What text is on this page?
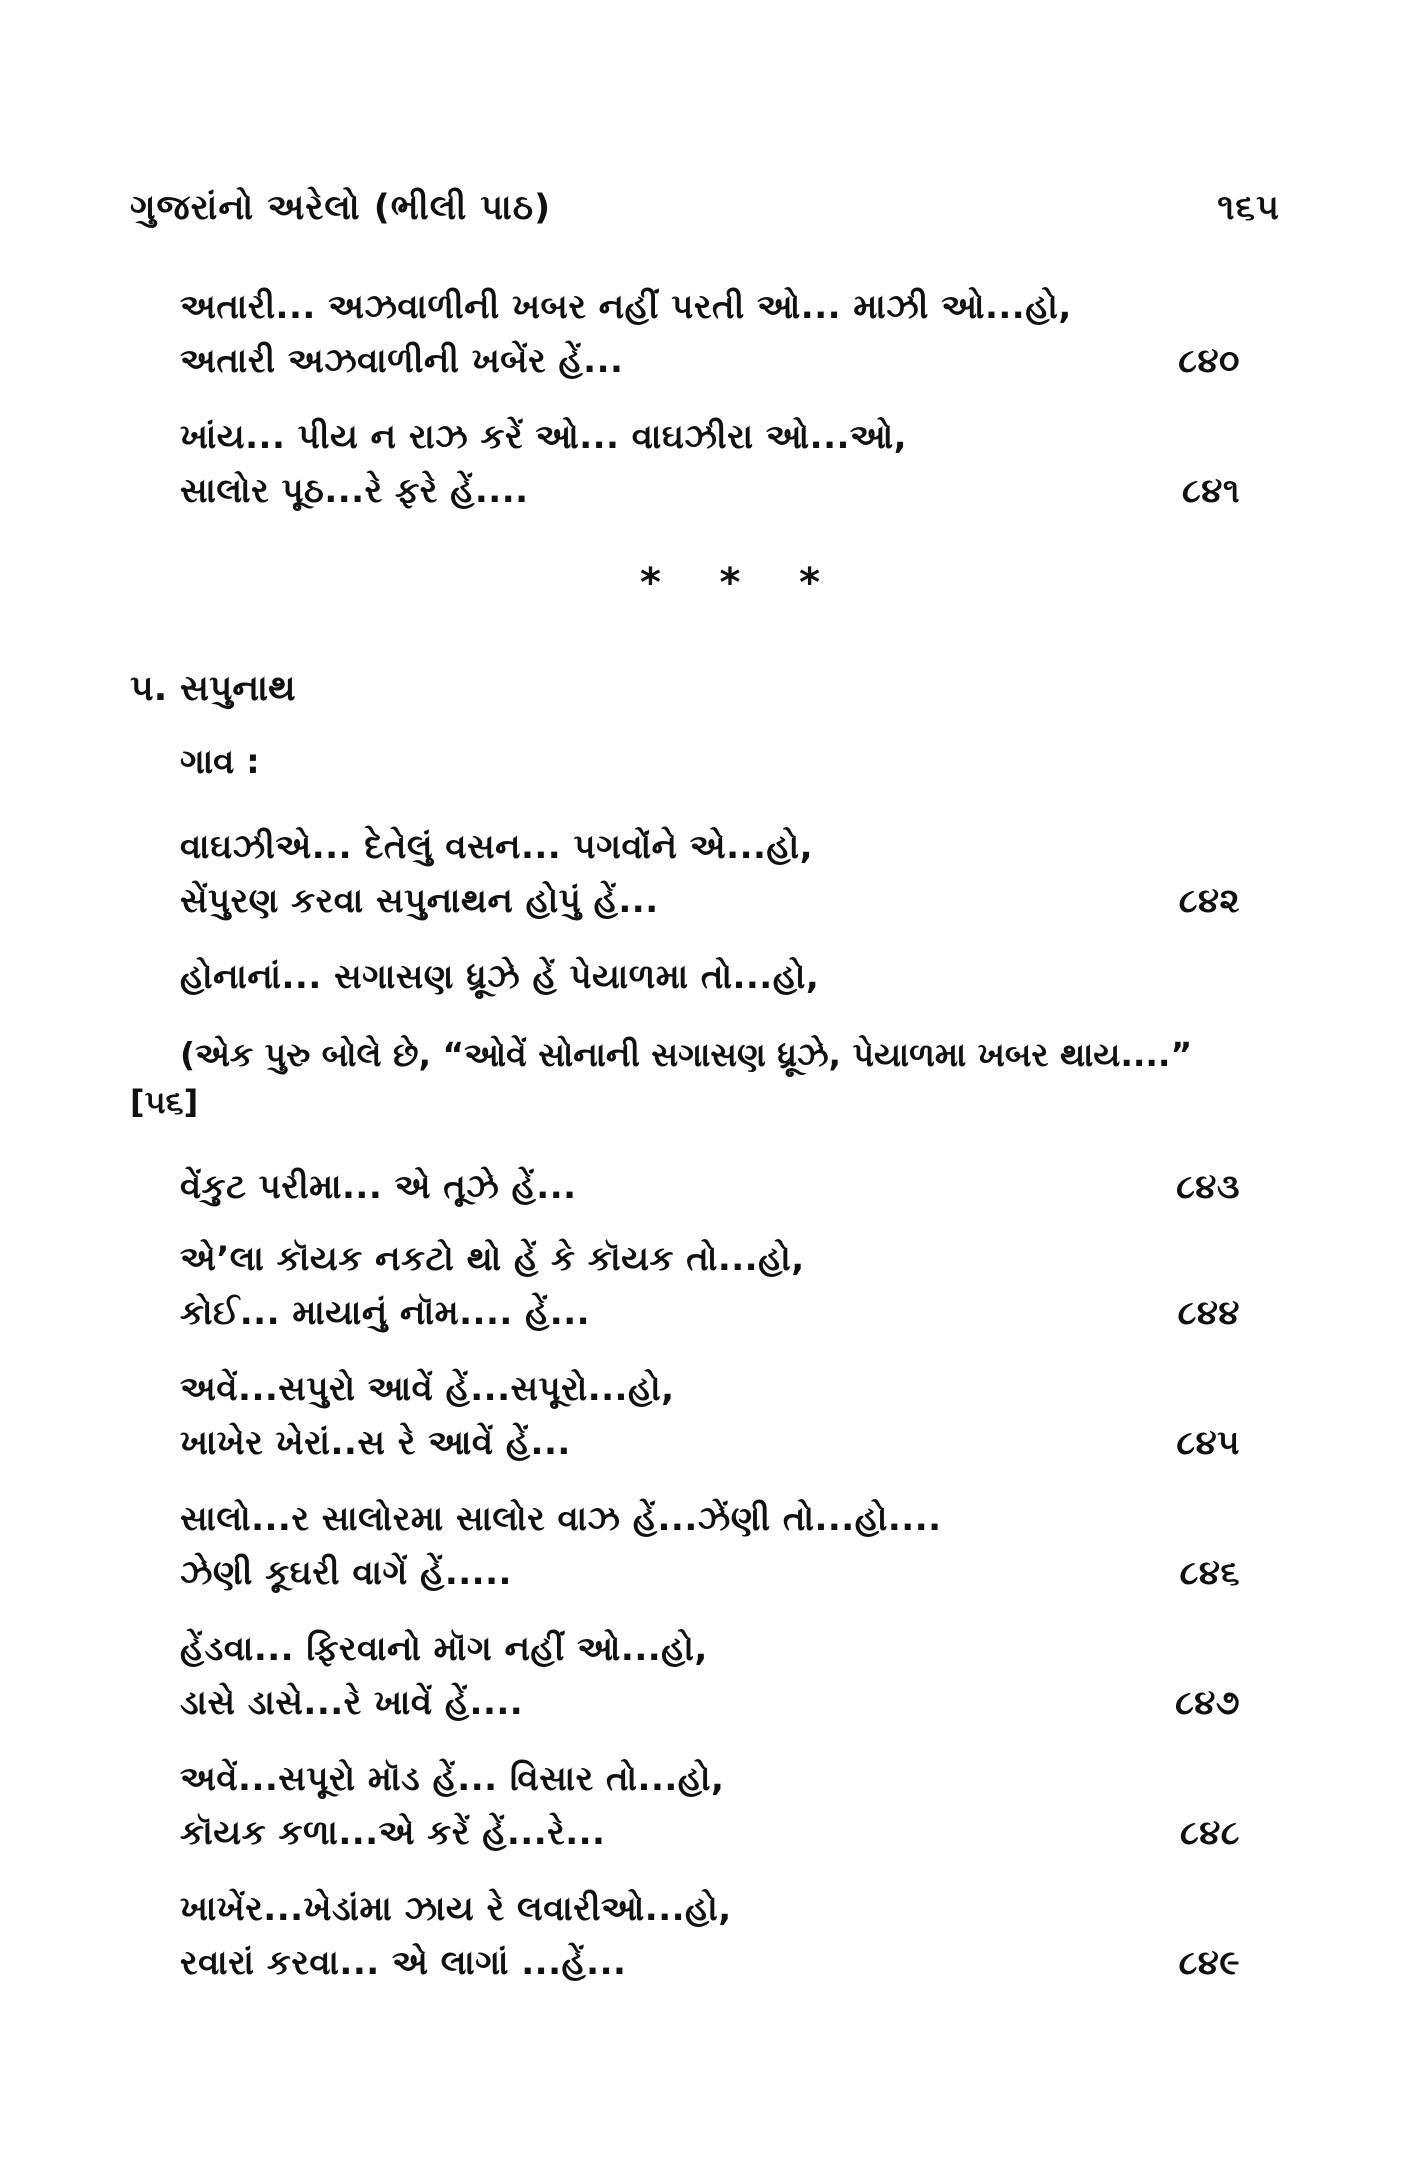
ગુજરાંનો અરેલો (ભીલી પાઠ)	૧૬૫
અતારી... અઝવાળીની ખબર નહીં પરતી ઓ... માઝી ઓ...હો,
અતારી અઝવાળીની ખબેંર હેં...	૮૪૦
ખાંય... પીય ન રાઝ કરેં ઓ... વાઘઝીરા ઓ...ઓ,
સાલોર પૂઠ...રે ફરે હેં....	૮૪૧
* * *
૫. સપુનાથ
ગાવ :
વાઘઝીએ... દેતેલું વસન... પગવોંને એ...હો,
સેંપુરણ કરવા સપુનાથન હોપું હેં...	૮૪૨
હોનાનાં... સગાસણ ધ્રૂઝે હેં પેયાળમા તો...હો,
(એક પુરુ બોલે છે, “ઓવેં સોનાની સગાસણ ધ્રૂઝે, પેયાળમા ખબર થાય....”
[૫૬]
વેંકુટ પરીમા... એ તૂઝે હેં...	૮૪૩
એ’લા કૉયક નકટો થો હેં કે કૉયક તો...હો,
કોઈ... માયાનું નૉમ.... હેં...	૮૪૪
અવેં...સપુરો આવેં હેં...સપૂરો...હો,
ખાખેર ખેરાં..સ રે આવેં હેં...	૮૪૫
સાલો...ર સાલોરમા સાલોર વાઝ હેં...ઝેંણી તો...હો....
ઝેણી કૂઘરી વાગેં હેં.....	૮૪૬
હેંડવા... ફિરવાનો મૉગ નહીં ઓ...હો,
ડાસે ડાસે...રે ખાવેં હેં....	૮૪૭
અવેં...સપૂરો મૉડ હેં... વિસાર તો...હો,
કૉયક કળા...એ કરેં હેં...રે...	૮૪૮
ખાખેંર...ખેડાંમા ઝાય રે લવારીઓ...હો,
રવારાં કરવા... એ લાગાં ...હેં...	૮૪૯
